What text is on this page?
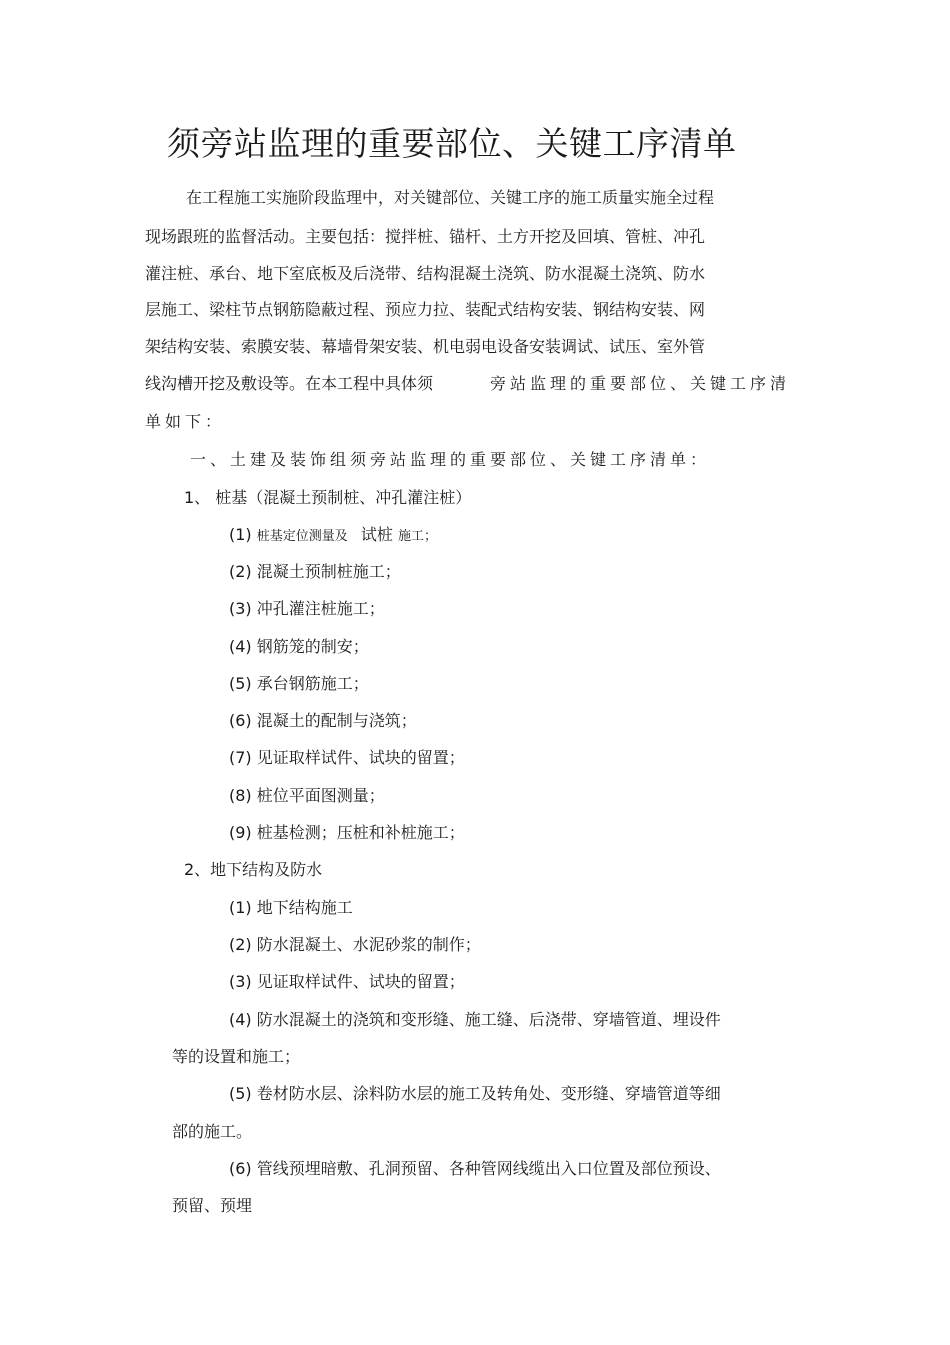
须旁站监理的重要部位、关键工序清单
在工程施工实施阶段监理中，对关键部位、关键工序的施工质量实施全过程
现场跟班的监督活动。主要包括：搅拌桩、锚杆、土方开挖及回填、管桩、冲孔
灌注桩、承台、地下室底板及后浇带、结构混凝土浇筑、防水混凝土浇筑、防水
层施工、梁柱节点钢筋隐蔽过程、预应力拉、装配式结构安装、钢结构安装、网
架结构安装、索膜安装、幕墙骨架安装、机电弱电设备安装调试、试压、室外管
线沟槽开挖及敷设等。在本工程中具体须	旁站监理的重要部位、关键工序清
单如下：
一、土建及装饰组须旁站监理的重要部位、关键工序清单：
1、 桩基（混凝土预制桩、冲孔灌注桩）
(1) 桩基定位测量及 试桩 施工；
(2) 混凝土预制桩施工；
(3) 冲孔灌注桩施工；
(4) 钢筋笼的制安；
(5) 承台钢筋施工；
(6) 混凝土的配制与浇筑；
(7) 见证取样试件、试块的留置；
(8) 桩位平面图测量；
(9) 桩基检测；压桩和补桩施工；
2、地下结构及防水
(1) 地下结构施工
(2) 防水混凝土、水泥砂浆的制作；
(3) 见证取样试件、试块的留置；
(4) 防水混凝土的浇筑和变形缝、施工缝、后浇带、穿墙管道、埋设件
等的设置和施工；
(5) 卷材防水层、涂料防水层的施工及转角处、变形缝、穿墙管道等细
部的施工。
(6) 管线预埋暗敷、孔洞预留、各种管网线缆出入口位置及部位预设、
预留、预埋
